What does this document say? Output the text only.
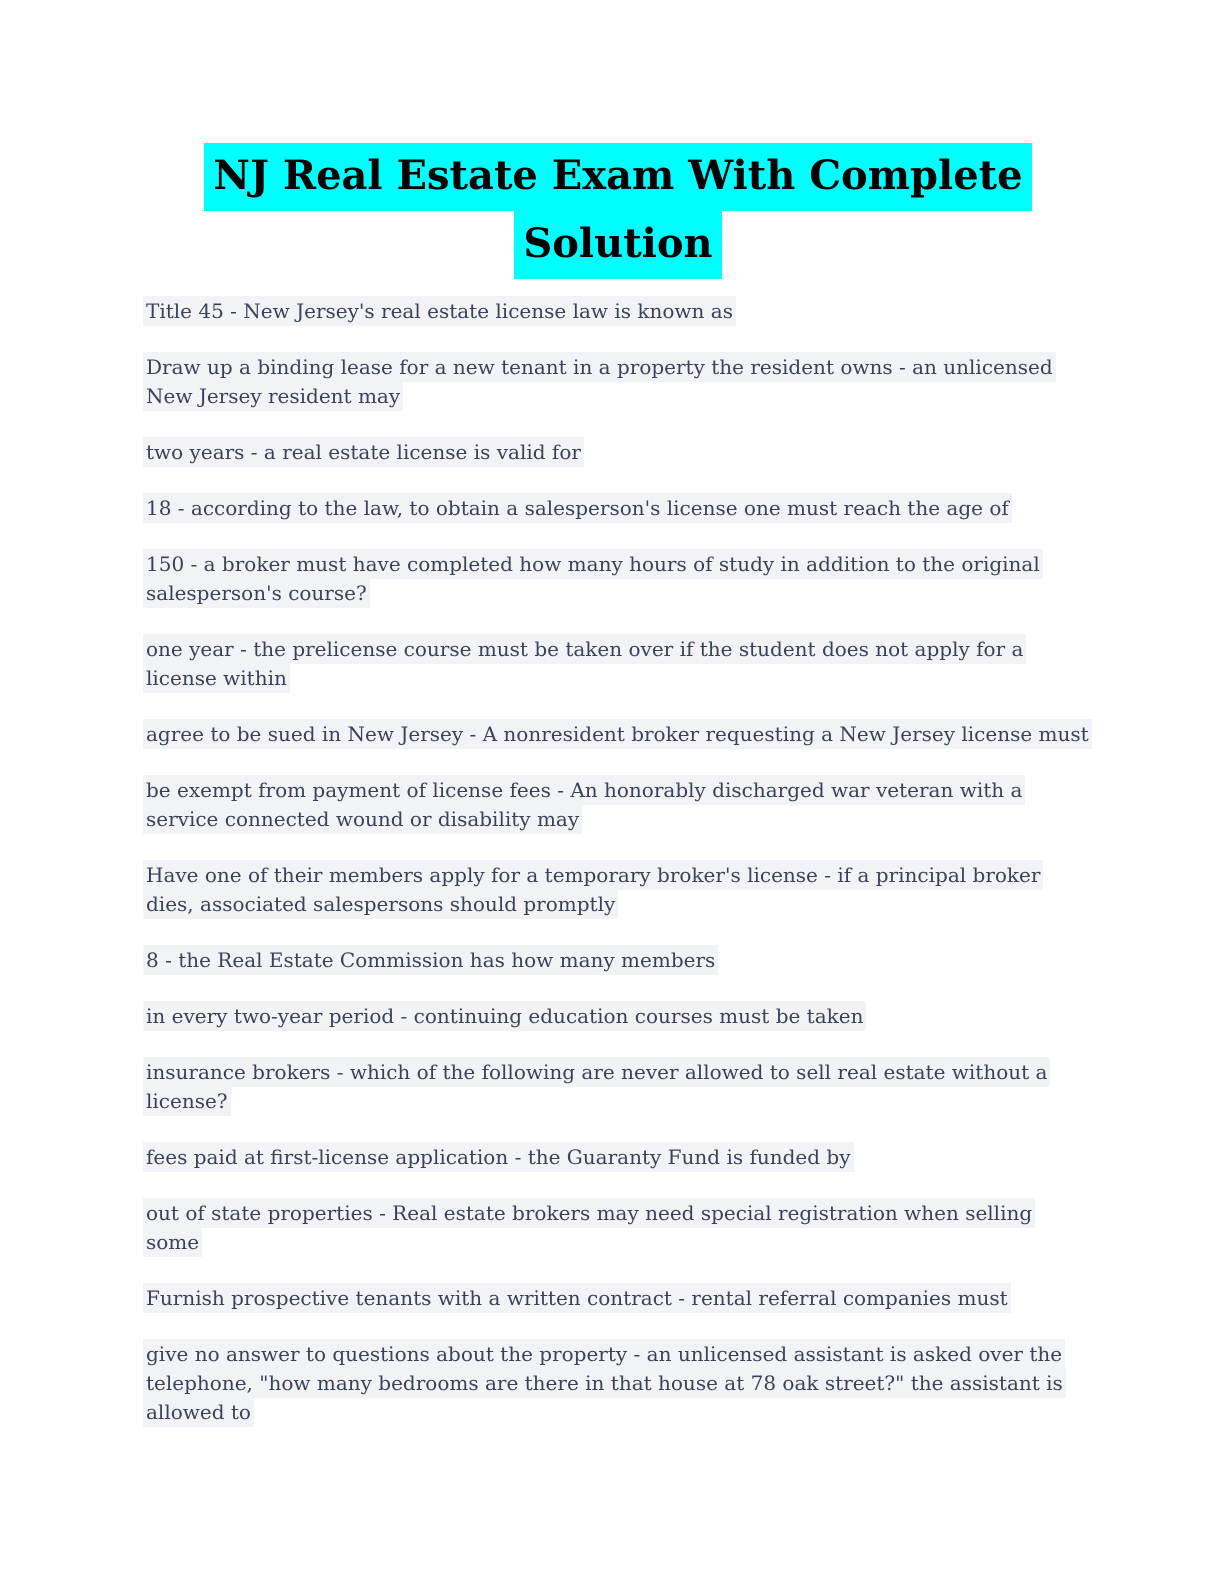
NJ Real Estate Exam With Complete
Solution

Title 45 - New Jersey's real estate license law is known as

Draw up a binding lease for a new tenant in a property the resident owns - an unlicensed New Jersey resident may

two years - a real estate license is valid for

18 - according to the law, to obtain a salesperson's license one must reach the age of

150 - a broker must have completed how many hours of study in addition to the original salesperson's course?

one year - the prelicense course must be taken over if the student does not apply for a license within

agree to be sued in New Jersey - A nonresident broker requesting a New Jersey license must

be exempt from payment of license fees - An honorably discharged war veteran with a service connected wound or disability may

Have one of their members apply for a temporary broker's license - if a principal broker dies, associated salespersons should promptly

8 - the Real Estate Commission has how many members

in every two-year period - continuing education courses must be taken

insurance brokers - which of the following are never allowed to sell real estate without a license?

fees paid at first-license application - the Guaranty Fund is funded by

out of state properties - Real estate brokers may need special registration when selling some

Furnish prospective tenants with a written contract - rental referral companies must

give no answer to questions about the property - an unlicensed assistant is asked over the telephone, "how many bedrooms are there in that house at 78 oak street?" the assistant is allowed to
